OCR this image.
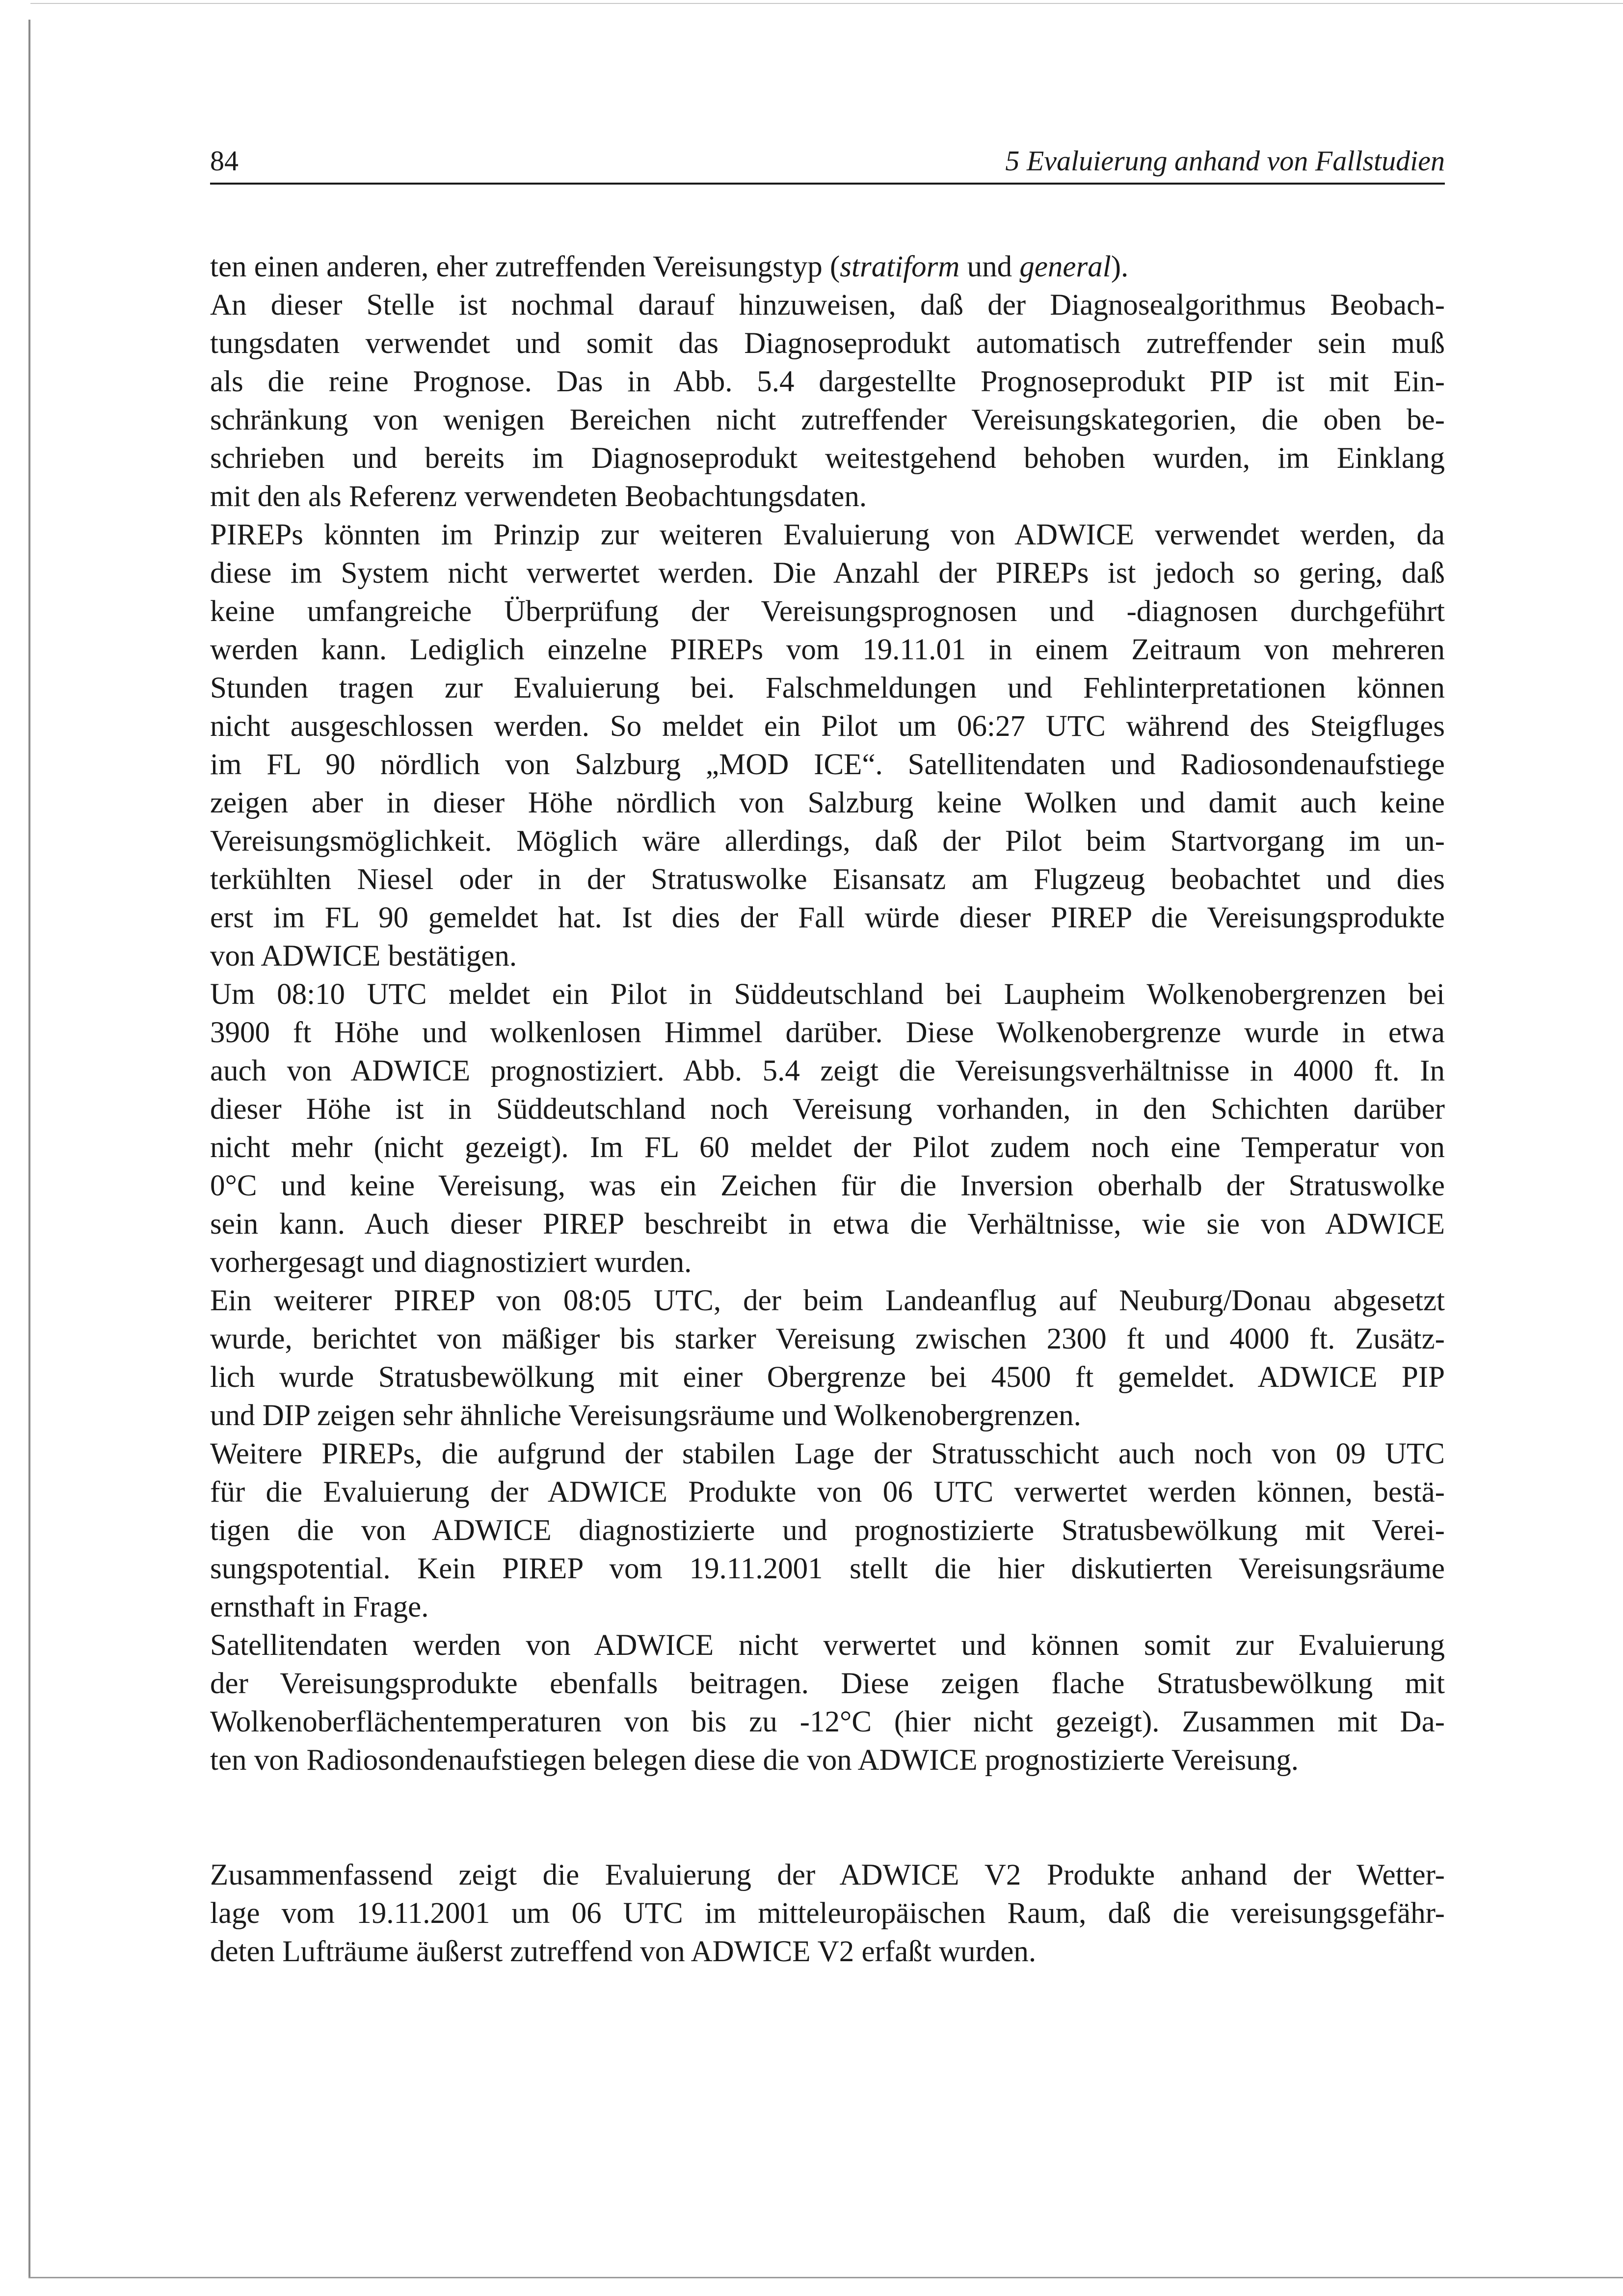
84	5 Evaluierung anhand von Fallstudien
ten einen anderen, eher zutreffenden Vereisungstyp (stratiform und general).
An dieser Stelle ist nochmal darauf hinzuweisen, daß der Diagnosealgorithmus Beobach-
tungsdaten verwendet und somit das Diagnoseprodukt automatisch zutreffender sein muß
als die reine Prognose. Das in Abb. 5.4 dargestellte Prognoseprodukt PIP ist mit Ein-
schränkung von wenigen Bereichen nicht zutreffender Vereisungskategorien, die oben be-
schrieben und bereits im Diagnoseprodukt weitestgehend behoben wurden, im Einklang
mit den als Referenz verwendeten Beobachtungsdaten.
PIREPs könnten im Prinzip zur weiteren Evaluierung von ADWICE verwendet werden, da
diese im System nicht verwertet werden. Die Anzahl der PIREPs ist jedoch so gering, daß
keine umfangreiche Überprüfung der Vereisungsprognosen und -diagnosen durchgeführt
werden kann. Lediglich einzelne PIREPs vom 19.11.01 in einem Zeitraum von mehreren
Stunden tragen zur Evaluierung bei. Falschmeldungen und Fehlinterpretationen können
nicht ausgeschlossen werden. So meldet ein Pilot um 06:27 UTC während des Steigfluges
im FL 90 nördlich von Salzburg „MOD ICE“. Satellitendaten und Radiosondenaufstiege
zeigen aber in dieser Höhe nördlich von Salzburg keine Wolken und damit auch keine
Vereisungsmöglichkeit. Möglich wäre allerdings, daß der Pilot beim Startvorgang im un-
terkühlten Niesel oder in der Stratuswolke Eisansatz am Flugzeug beobachtet und dies
erst im FL 90 gemeldet hat. Ist dies der Fall würde dieser PIREP die Vereisungsprodukte
von ADWICE bestätigen.
Um 08:10 UTC meldet ein Pilot in Süddeutschland bei Laupheim Wolkenobergrenzen bei
3900 ft Höhe und wolkenlosen Himmel darüber. Diese Wolkenobergrenze wurde in etwa
auch von ADWICE prognostiziert. Abb. 5.4 zeigt die Vereisungsverhältnisse in 4000 ft. In
dieser Höhe ist in Süddeutschland noch Vereisung vorhanden, in den Schichten darüber
nicht mehr (nicht gezeigt). Im FL 60 meldet der Pilot zudem noch eine Temperatur von
0°C und keine Vereisung, was ein Zeichen für die Inversion oberhalb der Stratuswolke
sein kann. Auch dieser PIREP beschreibt in etwa die Verhältnisse, wie sie von ADWICE
vorhergesagt und diagnostiziert wurden.
Ein weiterer PIREP von 08:05 UTC, der beim Landeanflug auf Neuburg/Donau abgesetzt
wurde, berichtet von mäßiger bis starker Vereisung zwischen 2300 ft und 4000 ft. Zusätz-
lich wurde Stratusbewölkung mit einer Obergrenze bei 4500 ft gemeldet. ADWICE PIP
und DIP zeigen sehr ähnliche Vereisungsräume und Wolkenobergrenzen.
Weitere PIREPs, die aufgrund der stabilen Lage der Stratusschicht auch noch von 09 UTC
für die Evaluierung der ADWICE Produkte von 06 UTC verwertet werden können, bestä-
tigen die von ADWICE diagnostizierte und prognostizierte Stratusbewölkung mit Verei-
sungspotential. Kein PIREP vom 19.11.2001 stellt die hier diskutierten Vereisungsräume
ernsthaft in Frage.
Satellitendaten werden von ADWICE nicht verwertet und können somit zur Evaluierung
der Vereisungsprodukte ebenfalls beitragen. Diese zeigen flache Stratusbewölkung mit
Wolkenoberflächentemperaturen von bis zu -12°C (hier nicht gezeigt). Zusammen mit Da-
ten von Radiosondenaufstiegen belegen diese die von ADWICE prognostizierte Vereisung.
Zusammenfassend zeigt die Evaluierung der ADWICE V2 Produkte anhand der Wetter-
lage vom 19.11.2001 um 06 UTC im mitteleuropäischen Raum, daß die vereisungsgefähr-
deten Lufträume äußerst zutreffend von ADWICE V2 erfaßt wurden.
